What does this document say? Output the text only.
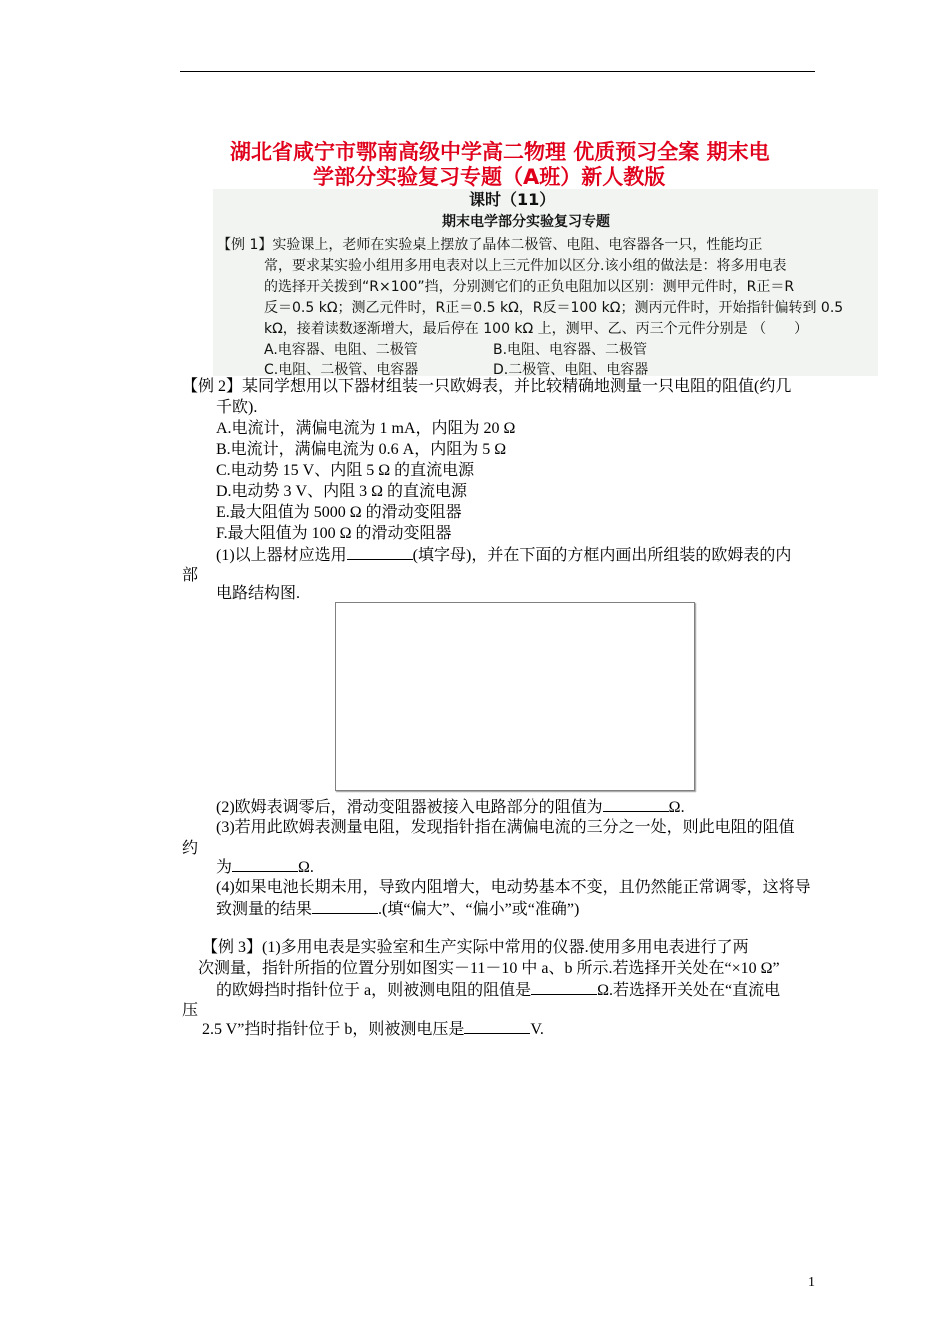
湖北省咸宁市鄂南高级中学高二物理 优质预习全案 期末电
学部分实验复习专题（A班）新人教版
课时（11）
期末电学部分实验复习专题
【例 1】实验课上，老师在实验桌上摆放了晶体二极管、电阻、电容器各一只，性能均正
常，要求某实验小组用多用电表对以上三元件加以区分.该小组的做法是：将多用电表
的选择开关拨到“R×100”挡，分别测它们的正负电阻加以区别：测甲元件时，R正＝R
反＝0.5 kΩ；测乙元件时，R正＝0.5 kΩ，R反＝100 kΩ；测丙元件时，开始指针偏转到 0.5
kΩ，接着读数逐渐增大，最后停在 100 kΩ 上，测甲、乙、丙三个元件分别是 （　　）
A.电容器、电阻、二极管	B.电阻、电容器、二极管
C.电阻、二极管、电容器	D.二极管、电阻、电容器
【例 2】某同学想用以下器材组装一只欧姆表，并比较精确地测量一只电阻的阻值(约几
千欧).
A.电流计，满偏电流为 1 mA，内阻为 20 Ω
B.电流计，满偏电流为 0.6 A，内阻为 5 Ω
C.电动势 15 V、内阻 5 Ω 的直流电源
D.电动势 3 V、内阻 3 Ω 的直流电源
E.最大阻值为 5000 Ω 的滑动变阻器
F.最大阻值为 100 Ω 的滑动变阻器
(1)以上器材应选用	(填字母)，并在下面的方框内画出所组装的欧姆表的内
部
电路结构图.
(2)欧姆表调零后，滑动变阻器被接入电路部分的阻值为	Ω.
(3)若用此欧姆表测量电阻，发现指针指在满偏电流的三分之一处，则此电阻的阻值
约
为	Ω.
(4)如果电池长期未用，导致内阻增大，电动势基本不变，且仍然能正常调零，这将导
致测量的结果	.(填“偏大”、“偏小”或“准确”)
【例 3】(1)多用电表是实验室和生产实际中常用的仪器.使用多用电表进行了两
次测量，指针所指的位置分别如图实－11－10 中 a、b 所示.若选择开关处在“×10 Ω”
的欧姆挡时指针位于 a，则被测电阻的阻值是	Ω.若选择开关处在“直流电
压
2.5 V”挡时指针位于 b，则被测电压是	V.
1
